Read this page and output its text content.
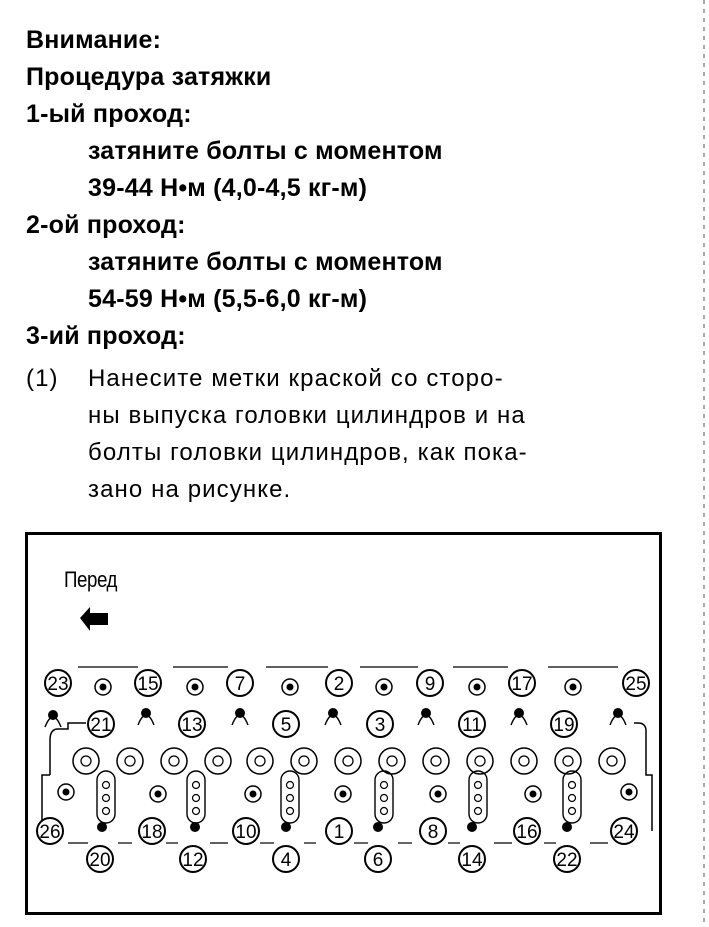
Внимание:
Процедура затяжки
1-ый проход:
затяните болты с моментом
39-44 Н•м (4,0-4,5 кг-м)
2-ой проход:
затяните болты с моментом
54-59 Н•м (5,5-6,0 кг-м)
3-ий проход:
(1) Нанесите метки краской со сторо-
ны выпуска головки цилиндров и на
болты головки цилиндров, как пока-
зано на рисунке.
Перед
23	15	7	2	9	17	25
21	13	5	3	11	19
26	18	10	1	8	16	24
20	12	4	6	14	22
